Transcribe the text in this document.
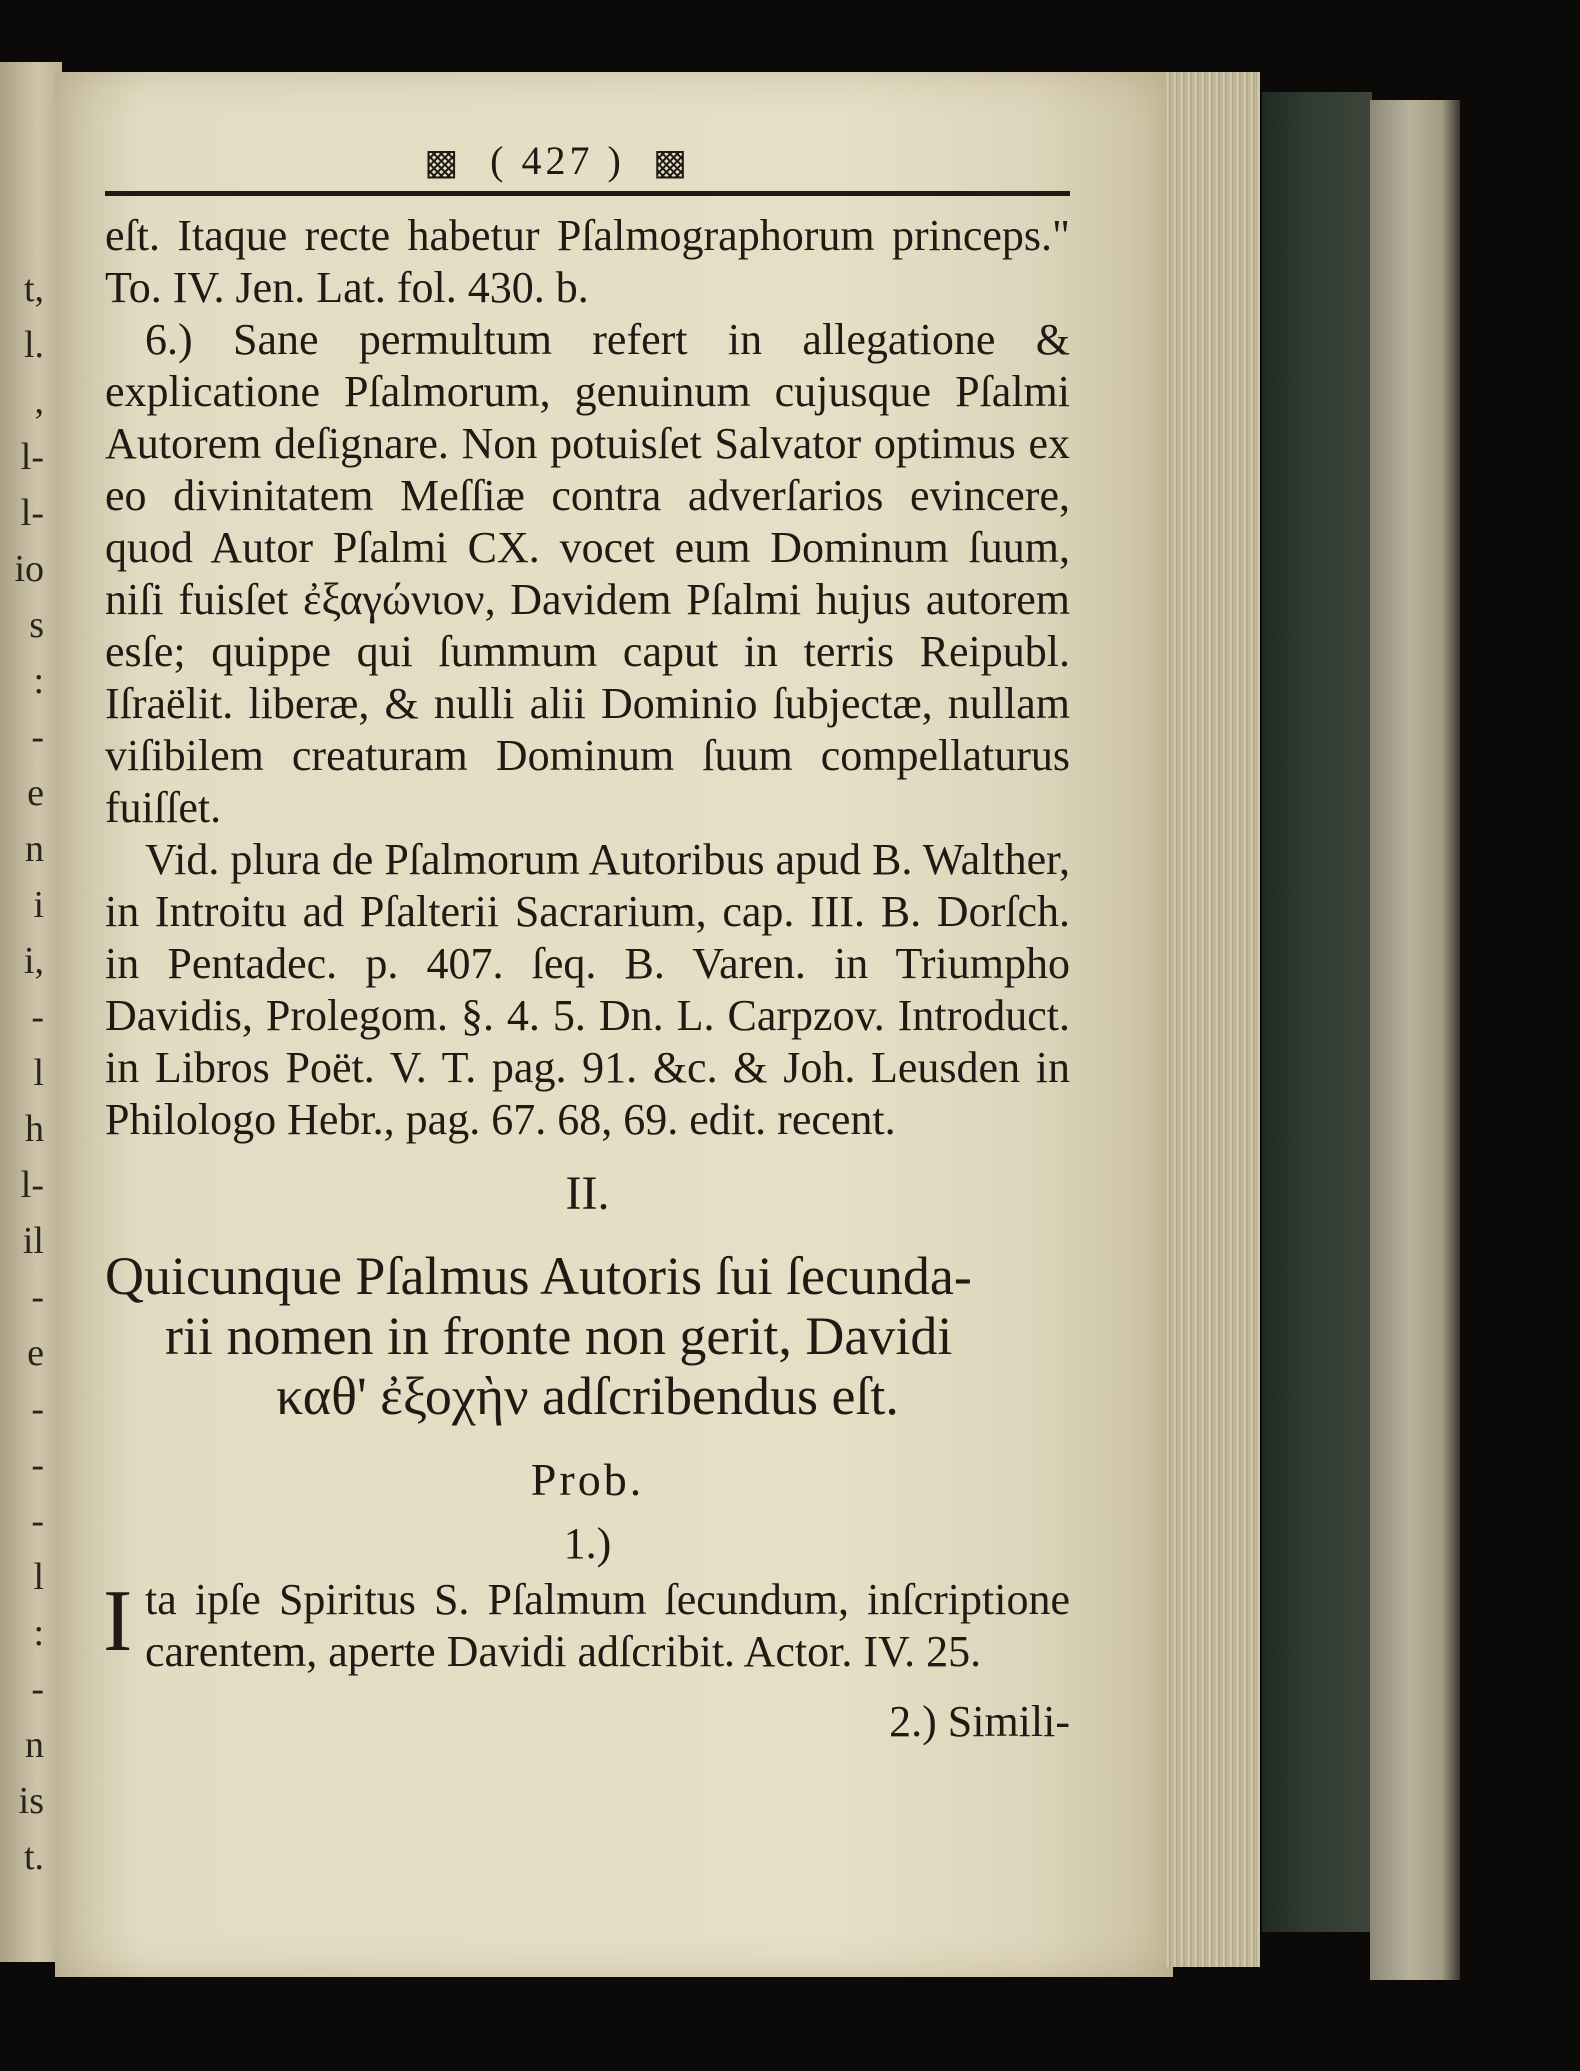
t,
l.
,
l-
l-
io
s
:
-
e
n
i
i,
-
l
h
l-
il
-
e
-
-
-
l
:
-
n
is
t.
▩ ( 427 ) ▩

eſt. Itaque recte habetur Pſalmographorum princeps." To. IV. Jen. Lat. fol. 430. b.

6.) Sane permultum refert in allegatione & explicatione Pſalmorum, genuinum cujusque Pſalmi Autorem deſignare. Non potuisſet Salvator optimus ex eo divinitatem Meſſiæ contra adverſarios evincere, quod Autor Pſalmi CX. vocet eum Dominum ſuum, niſi fuisſet ἐξαγώνιον, Davidem Pſalmi hujus autorem esſe; quippe qui ſummum caput in terris Reipubl. Iſraëlit. liberæ, & nulli alii Dominio ſubjectæ, nullam viſibilem creaturam Dominum ſuum compellaturus fuiſſet.

Vid. plura de Pſalmorum Autoribus apud B. Walther, in Introitu ad Pſalterii Sacrarium, cap. III. B. Dorſch. in Pentadec. p. 407. ſeq. B. Varen. in Triumpho Davidis, Prolegom. §. 4. 5. Dn. L. Carpzov. Introduct. in Libros Poët. V. T. pag. 91. &c. & Joh. Leusden in Philologo Hebr., pag. 67. 68, 69. edit. recent.

II.
Quicunque Pſalmus Autoris ſui ſecunda-
rii nomen in fronte non gerit, Davidi
καθ' ἐξοχὴν adſcribendus eſt.
Prob.
1.)
I ta ipſe Spiritus S. Pſalmum ſecundum, inſcriptione carentem, aperte Davidi adſcribit. Actor. IV. 25.

2.) Simili-
